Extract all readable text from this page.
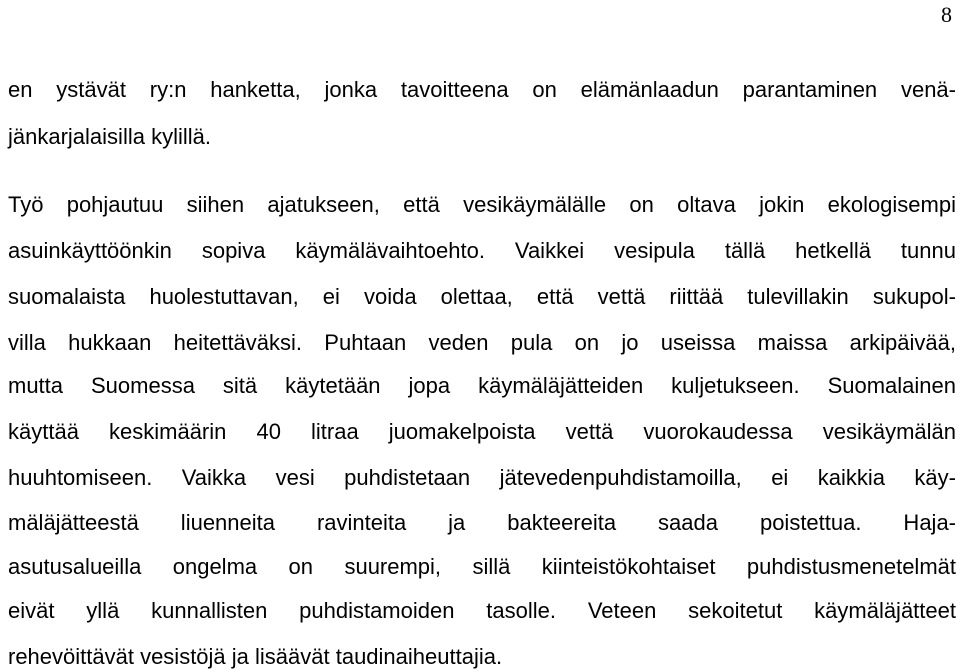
8
en ystävät ry:n hanketta, jonka tavoitteena on elämänlaadun parantaminen venä-
jänkarjalaisilla kylillä.
Työ pohjautuu siihen ajatukseen, että vesikäymälälle on oltava jokin ekologisempi
asuinkäyttöönkin sopiva käymälävaihtoehto. Vaikkei vesipula tällä hetkellä tunnu
suomalaista huolestuttavan, ei voida olettaa, että vettä riittää tulevillakin sukupol-
villa hukkaan heitettäväksi. Puhtaan veden pula on jo useissa maissa arkipäivää,
mutta Suomessa sitä käytetään jopa käymäläjätteiden kuljetukseen. Suomalainen
käyttää keskimäärin 40 litraa juomakelpoista vettä vuorokaudessa vesikäymälän
huuhtomiseen. Vaikka vesi puhdistetaan jätevedenpuhdistamoilla, ei kaikkia käy-
mäläjätteestä liuenneita ravinteita ja bakteereita saada poistettua. Haja-
asutusalueilla ongelma on suurempi, sillä kiinteistökohtaiset puhdistusmenetelmät
eivät yllä kunnallisten puhdistamoiden tasolle. Veteen sekoitetut käymäläjätteet
rehevöittävät vesistöjä ja lisäävät taudinaiheuttajia.
